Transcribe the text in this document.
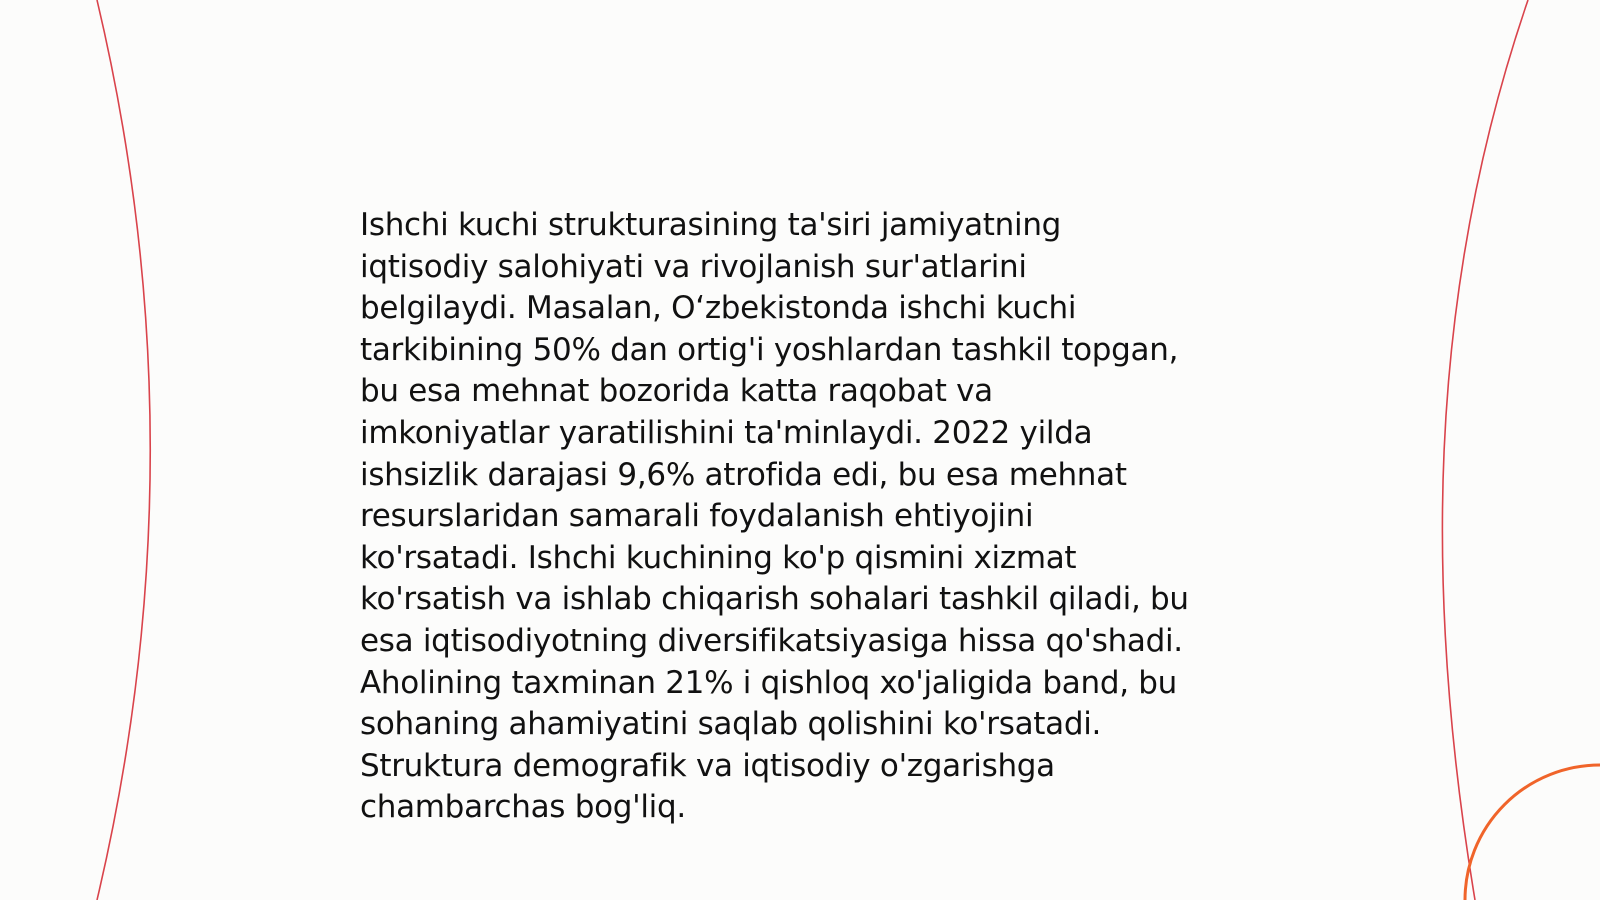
Ishchi kuchi strukturasining ta'siri jamiyatning
iqtisodiy salohiyati va rivojlanish sur'atlarini
belgilaydi. Masalan, O‘zbekistonda ishchi kuchi
tarkibining 50% dan ortig'i yoshlardan tashkil topgan,
bu esa mehnat bozorida katta raqobat va
imkoniyatlar yaratilishini ta'minlaydi. 2022 yilda
ishsizlik darajasi 9,6% atrofida edi, bu esa mehnat
resurslaridan samarali foydalanish ehtiyojini
ko'rsatadi. Ishchi kuchining ko'p qismini xizmat
ko'rsatish va ishlab chiqarish sohalari tashkil qiladi, bu
esa iqtisodiyotning diversifikatsiyasiga hissa qo'shadi.
Aholining taxminan 21% i qishloq xo'jaligida band, bu
sohaning ahamiyatini saqlab qolishini ko'rsatadi.
Struktura demografik va iqtisodiy o'zgarishga
chambarchas bog'liq.
